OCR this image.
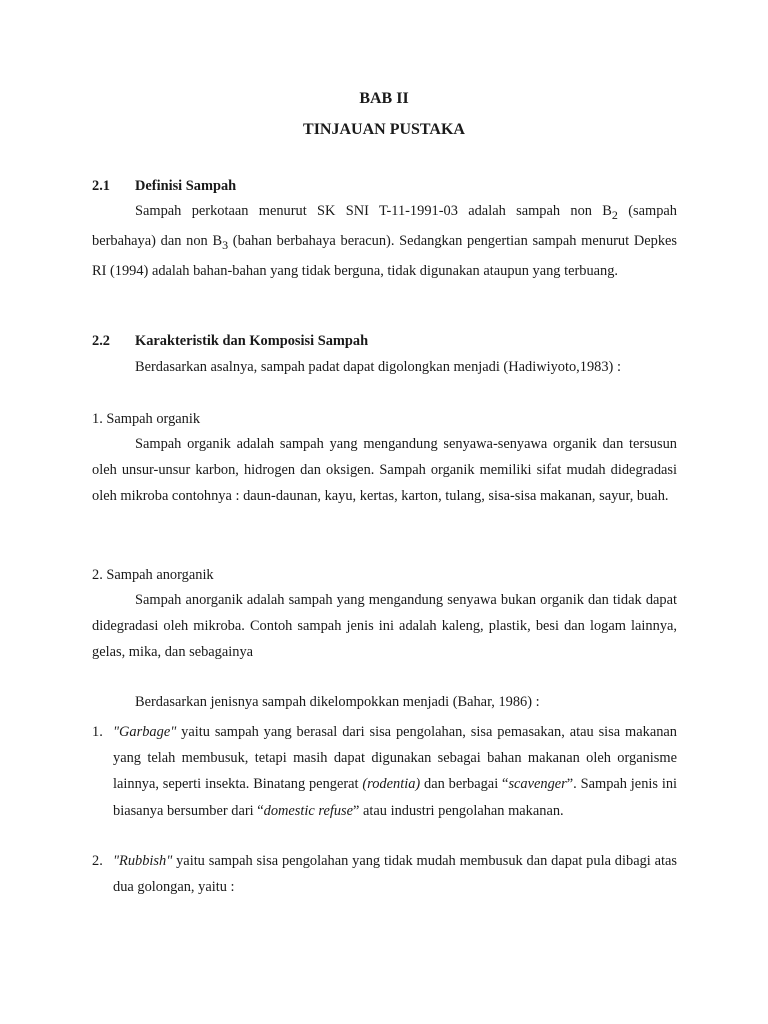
BAB II
TINJAUAN PUSTAKA
2.1 Definisi Sampah

Sampah perkotaan menurut SK SNI T-11-1991-03 adalah sampah non $B_2$ (sampah berbahaya) dan non $B_3$ (bahan berbahaya beracun). Sedangkan pengertian sampah menurut Depkes RI (1994) adalah bahan-bahan yang tidak berguna, tidak digunakan ataupun yang terbuang.

2.2 Karakteristik dan Komposisi Sampah
Berdasarkan asalnya, sampah padat dapat digolongkan menjadi (Hadiwiyoto,1983) :
1. Sampah organik

Sampah organik adalah sampah yang mengandung senyawa-senyawa organik dan tersusun oleh unsur-unsur karbon, hidrogen dan oksigen. Sampah organik memiliki sifat mudah didegradasi oleh mikroba contohnya : daun-daunan, kayu, kertas, karton, tulang, sisa-sisa makanan, sayur, buah.

2. Sampah anorganik

Sampah anorganik adalah sampah yang mengandung senyawa bukan organik dan tidak dapat didegradasi oleh mikroba. Contoh sampah jenis ini adalah kaleng, plastik, besi dan logam lainnya, gelas, mika, dan sebagainya

Berdasarkan jenisnya sampah dikelompokkan menjadi (Bahar, 1986) :
1. "Garbage" yaitu sampah yang berasal dari sisa pengolahan, sisa pemasakan, atau sisa makanan yang telah membusuk, tetapi masih dapat digunakan sebagai bahan makanan oleh organisme lainnya, seperti insekta. Binatang pengerat (rodentia) dan berbagai “scavenger”. Sampah jenis ini biasanya bersumber dari “domestic refuse” atau industri pengolahan makanan.
2. "Rubbish" yaitu sampah sisa pengolahan yang tidak mudah membusuk dan dapat pula dibagi atas dua golongan, yaitu :
